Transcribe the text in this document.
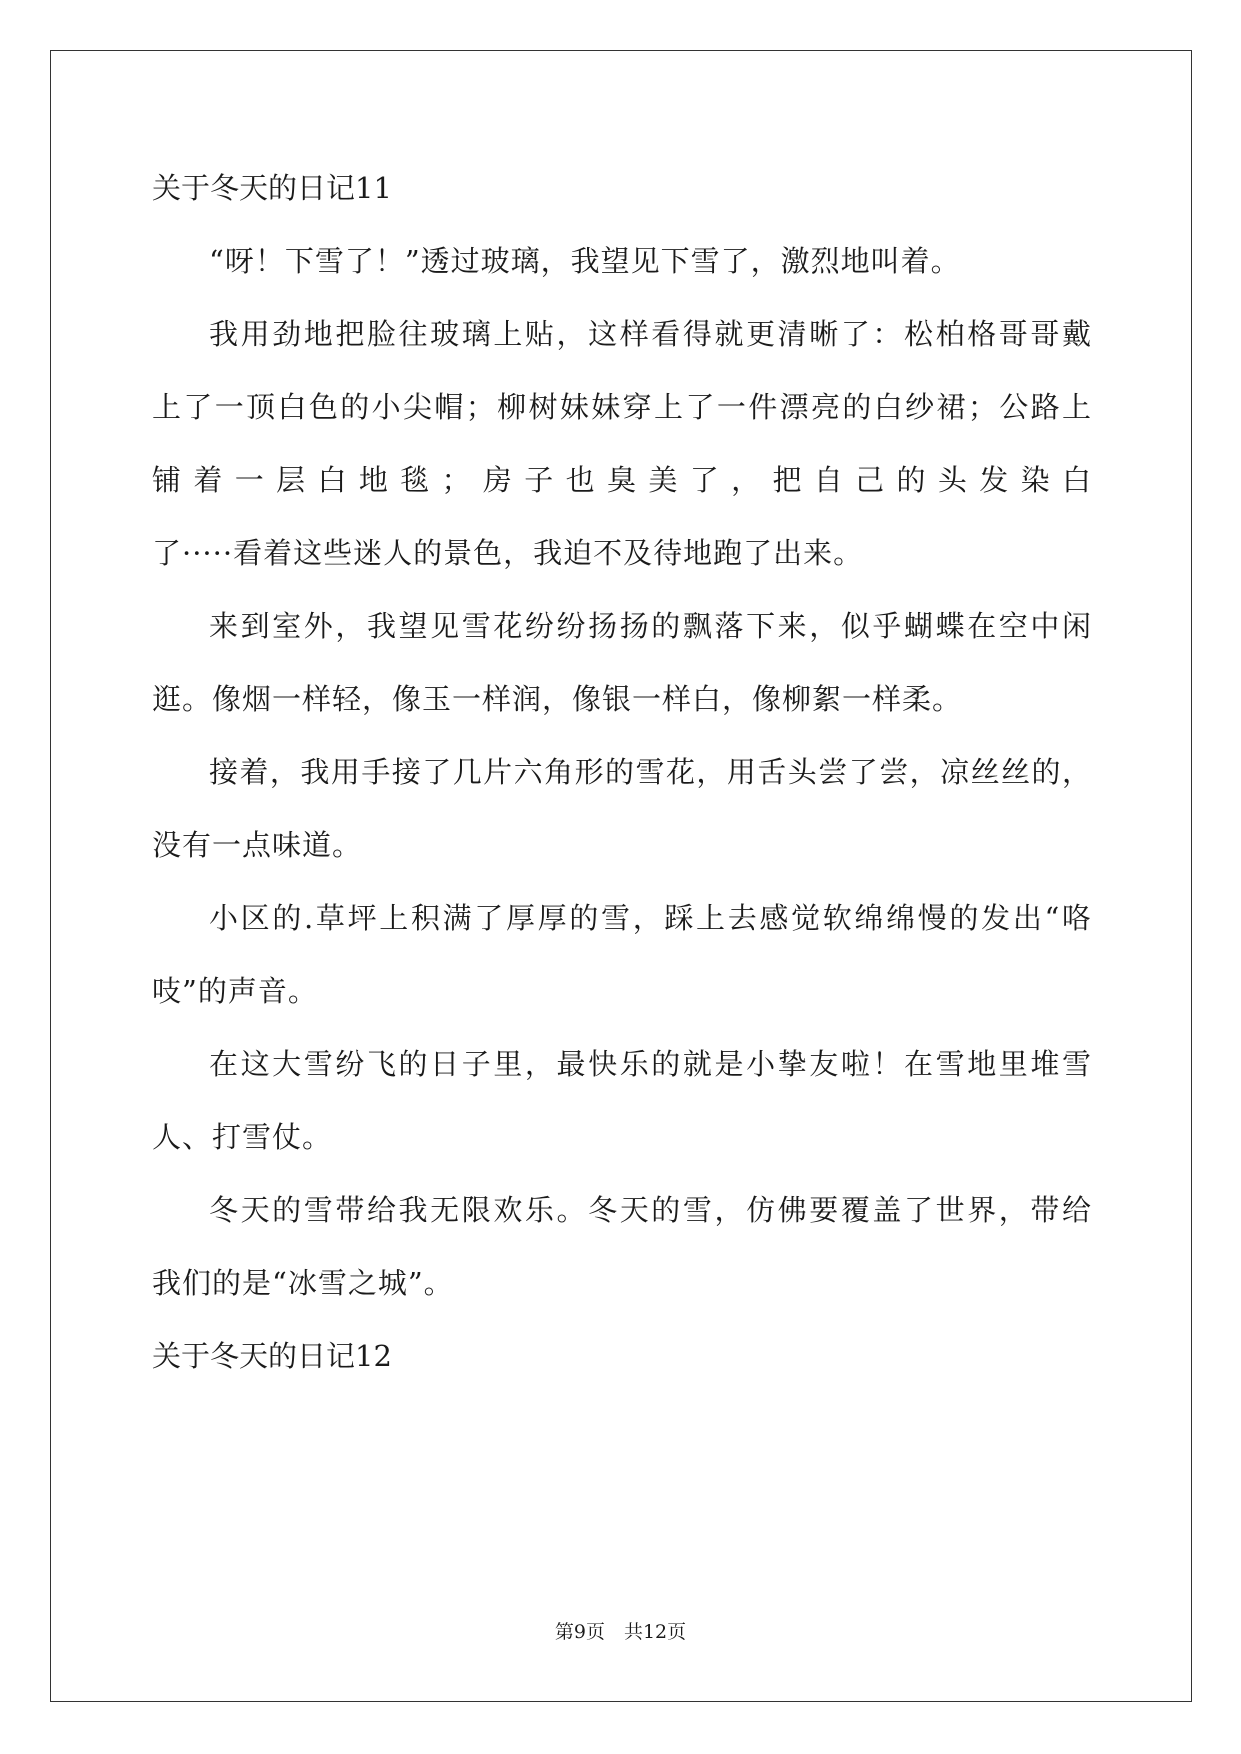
关于冬天的日记11
“呀！下雪了！”透过玻璃，我望见下雪了，激烈地叫着。
我用劲地把脸往玻璃上贴，这样看得就更清晰了：松柏格哥哥戴
上了一顶白色的小尖帽；柳树妹妹穿上了一件漂亮的白纱裙；公路上
铺着一层白地毯；房子也臭美了，把自己的头发染白
了·····看着这些迷人的景色，我迫不及待地跑了出来。
来到室外，我望见雪花纷纷扬扬的飘落下来，似乎蝴蝶在空中闲
逛。像烟一样轻，像玉一样润，像银一样白，像柳絮一样柔。
接着，我用手接了几片六角形的雪花，用舌头尝了尝，凉丝丝的，
没有一点味道。
小区的.草坪上积满了厚厚的雪，踩上去感觉软绵绵慢的发出“咯
吱”的声音。
在这大雪纷飞的日子里，最快乐的就是小挚友啦！在雪地里堆雪
人、打雪仗。
冬天的雪带给我无限欢乐。冬天的雪，仿佛要覆盖了世界，带给
我们的是“冰雪之城”。
关于冬天的日记12
第9页　共12页
